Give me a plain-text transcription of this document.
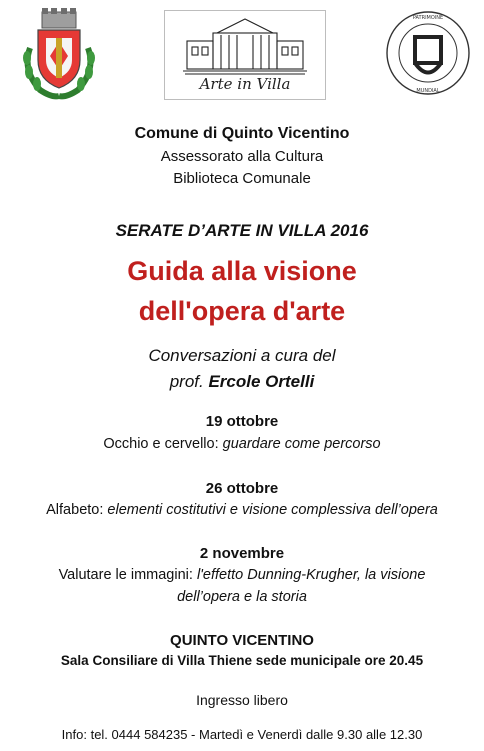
Arte in Villa
PATRIMOINE
MUNDIAL
Comune di Quinto Vicentino
Assessorato alla Cultura
Biblioteca Comunale
SERATE D’ARTE IN VILLA 2016
Guida alla visione
dell'opera d'arte
Conversazioni a cura del
prof. Ercole Ortelli
19 ottobre
Occhio e cervello: guardare come percorso
26 ottobre
Alfabeto: elementi costitutivi e visione complessiva dell’opera
2 novembre
Valutare le immagini: l'effetto Dunning-Krugher, la visione
dell’opera e la storia
QUINTO VICENTINO
Sala Consiliare di Villa Thiene sede municipale ore 20.45
Ingresso libero
Info: tel. 0444 584235 - Martedì e Venerdì dalle 9.30 alle 12.30
